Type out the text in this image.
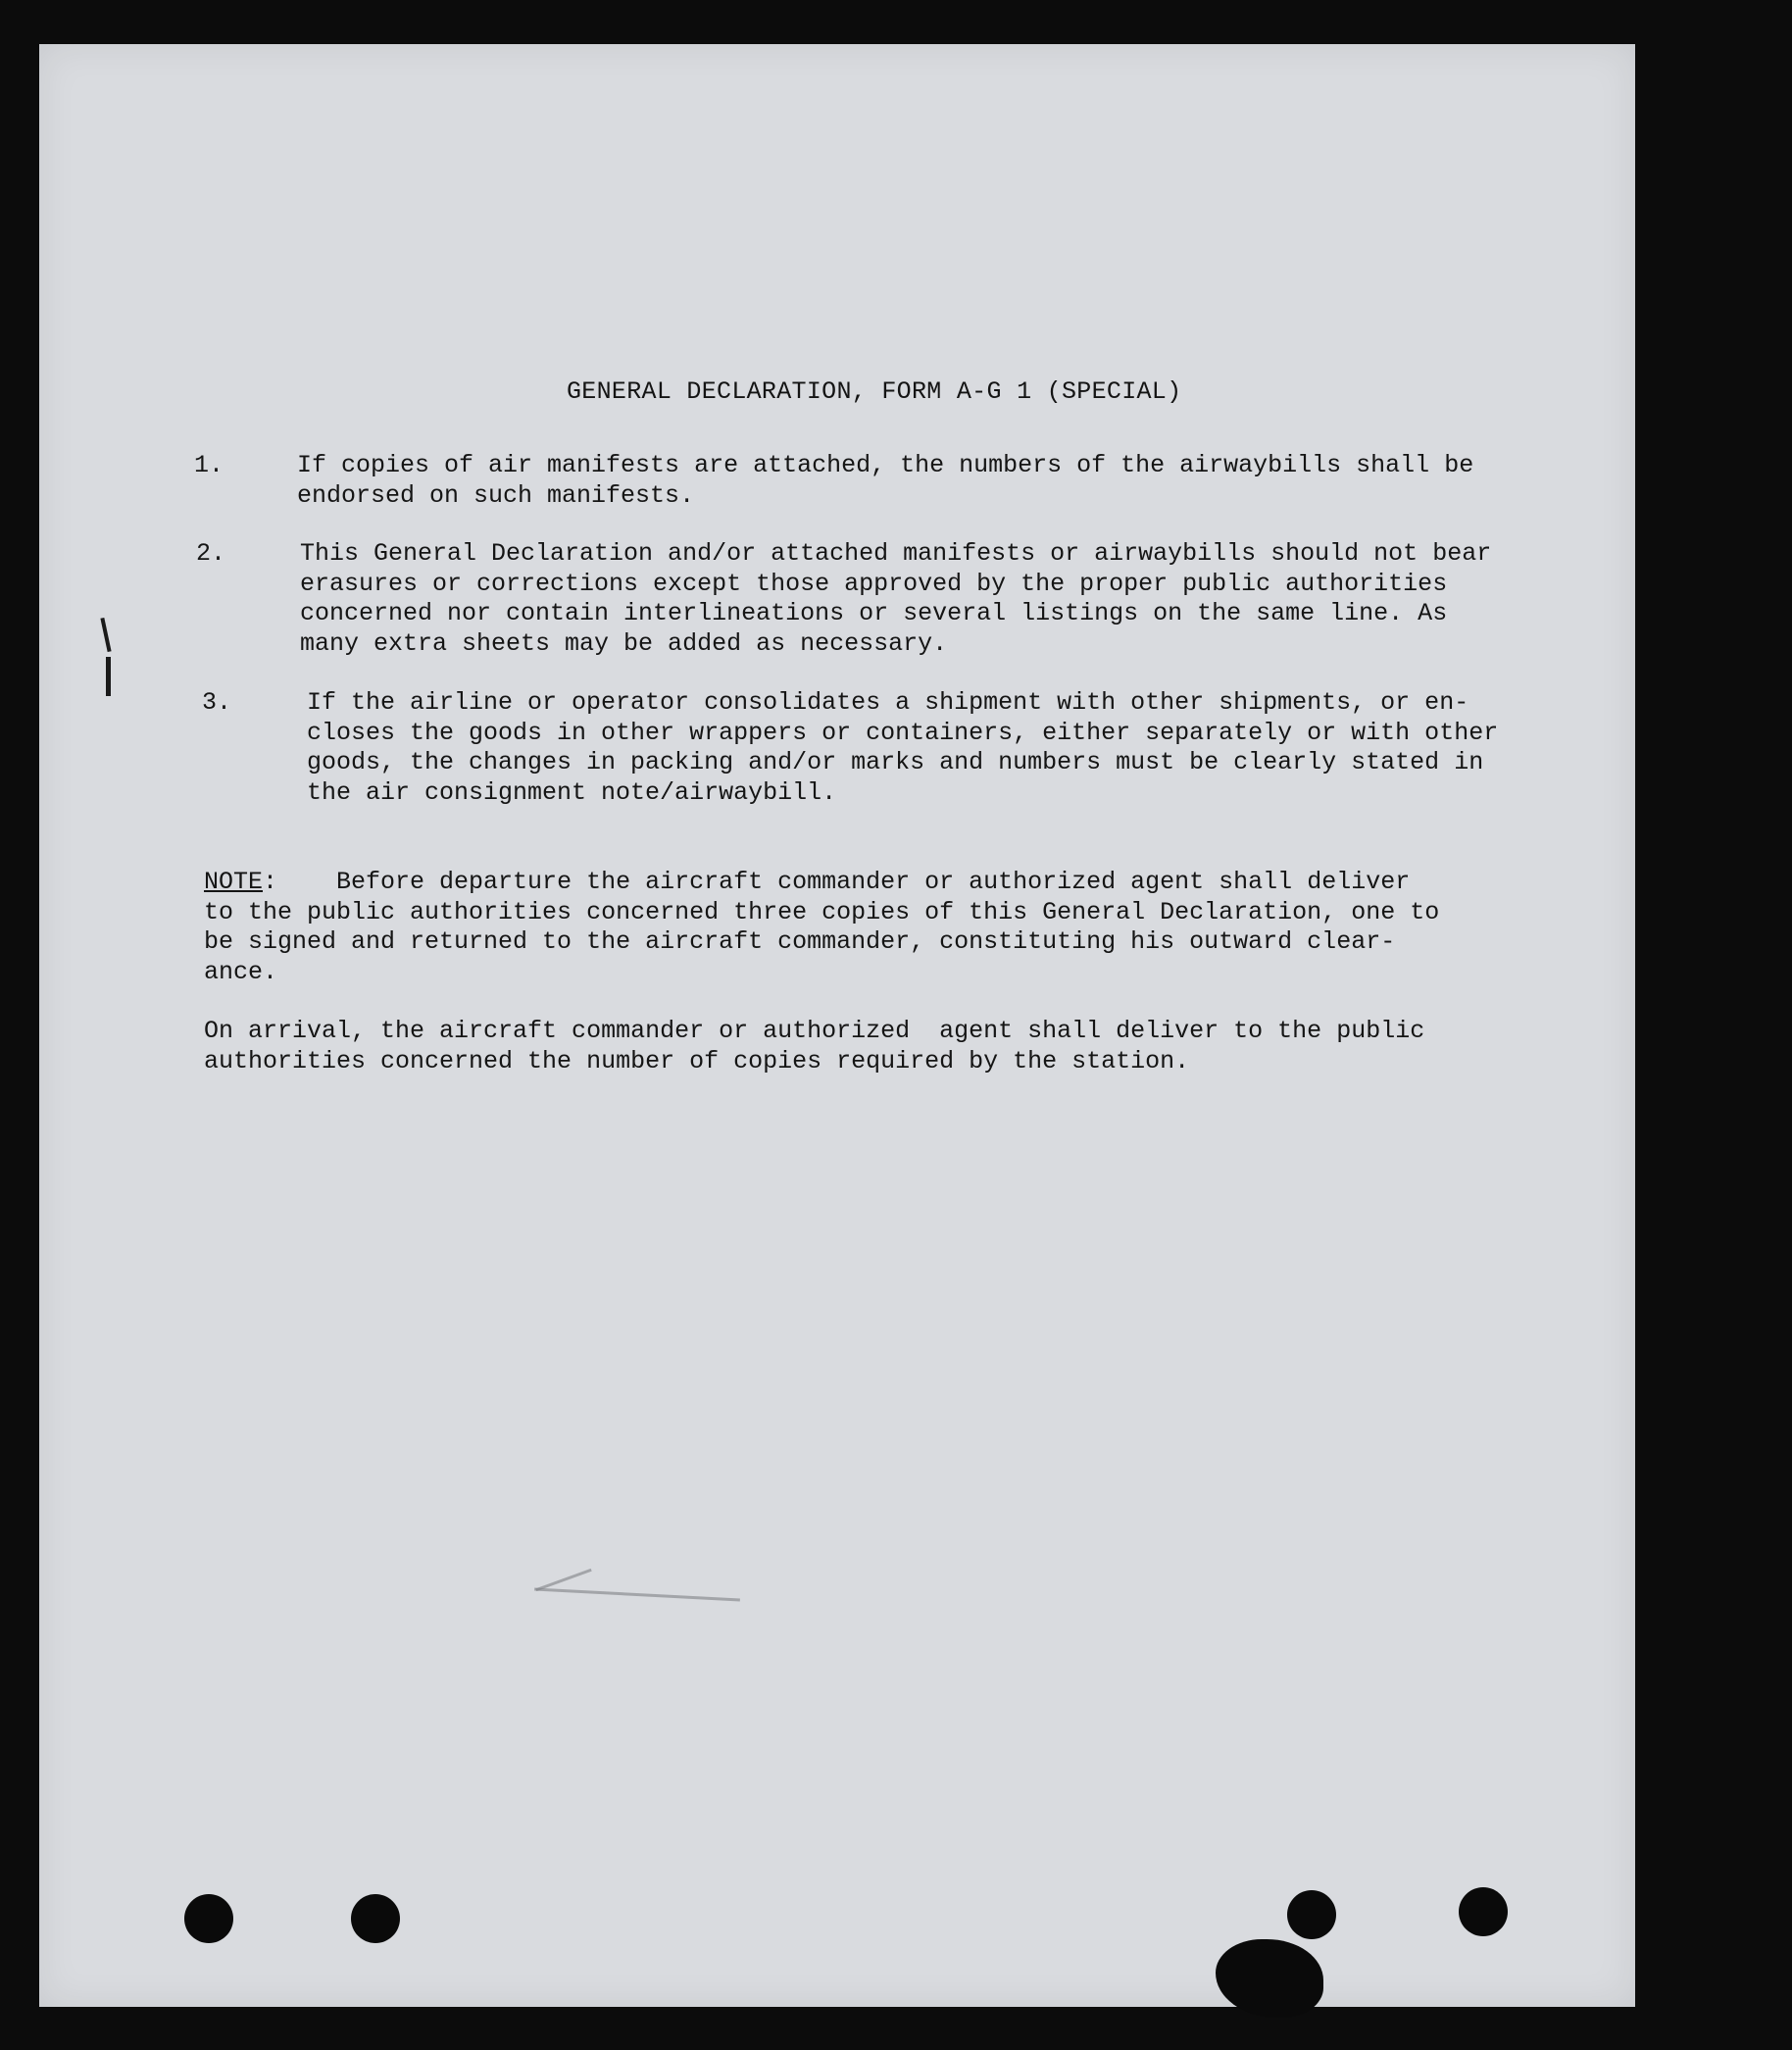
GENERAL DECLARATION, FORM A-G 1 (SPECIAL)
1.	If copies of air manifests are attached, the numbers of the airwaybills shall be
endorsed on such manifests.
2.	This General Declaration and/or attached manifests or airwaybills should not bear
erasures or corrections except those approved by the proper public authorities
concerned nor contain interlineations or several listings on the same line. As
many extra sheets may be added as necessary.
3.	If the airline or operator consolidates a shipment with other shipments, or en-
closes the goods in other wrappers or containers, either separately or with other
goods, the changes in packing and/or marks and numbers must be clearly stated in
the air consignment note/airwaybill.
NOTE:    Before departure the aircraft commander or authorized agent shall deliver
to the public authorities concerned three copies of this General Declaration, one to
be signed and returned to the aircraft commander, constituting his outward clear-
ance.
On arrival, the aircraft commander or authorized  agent shall deliver to the public
authorities concerned the number of copies required by the station.
